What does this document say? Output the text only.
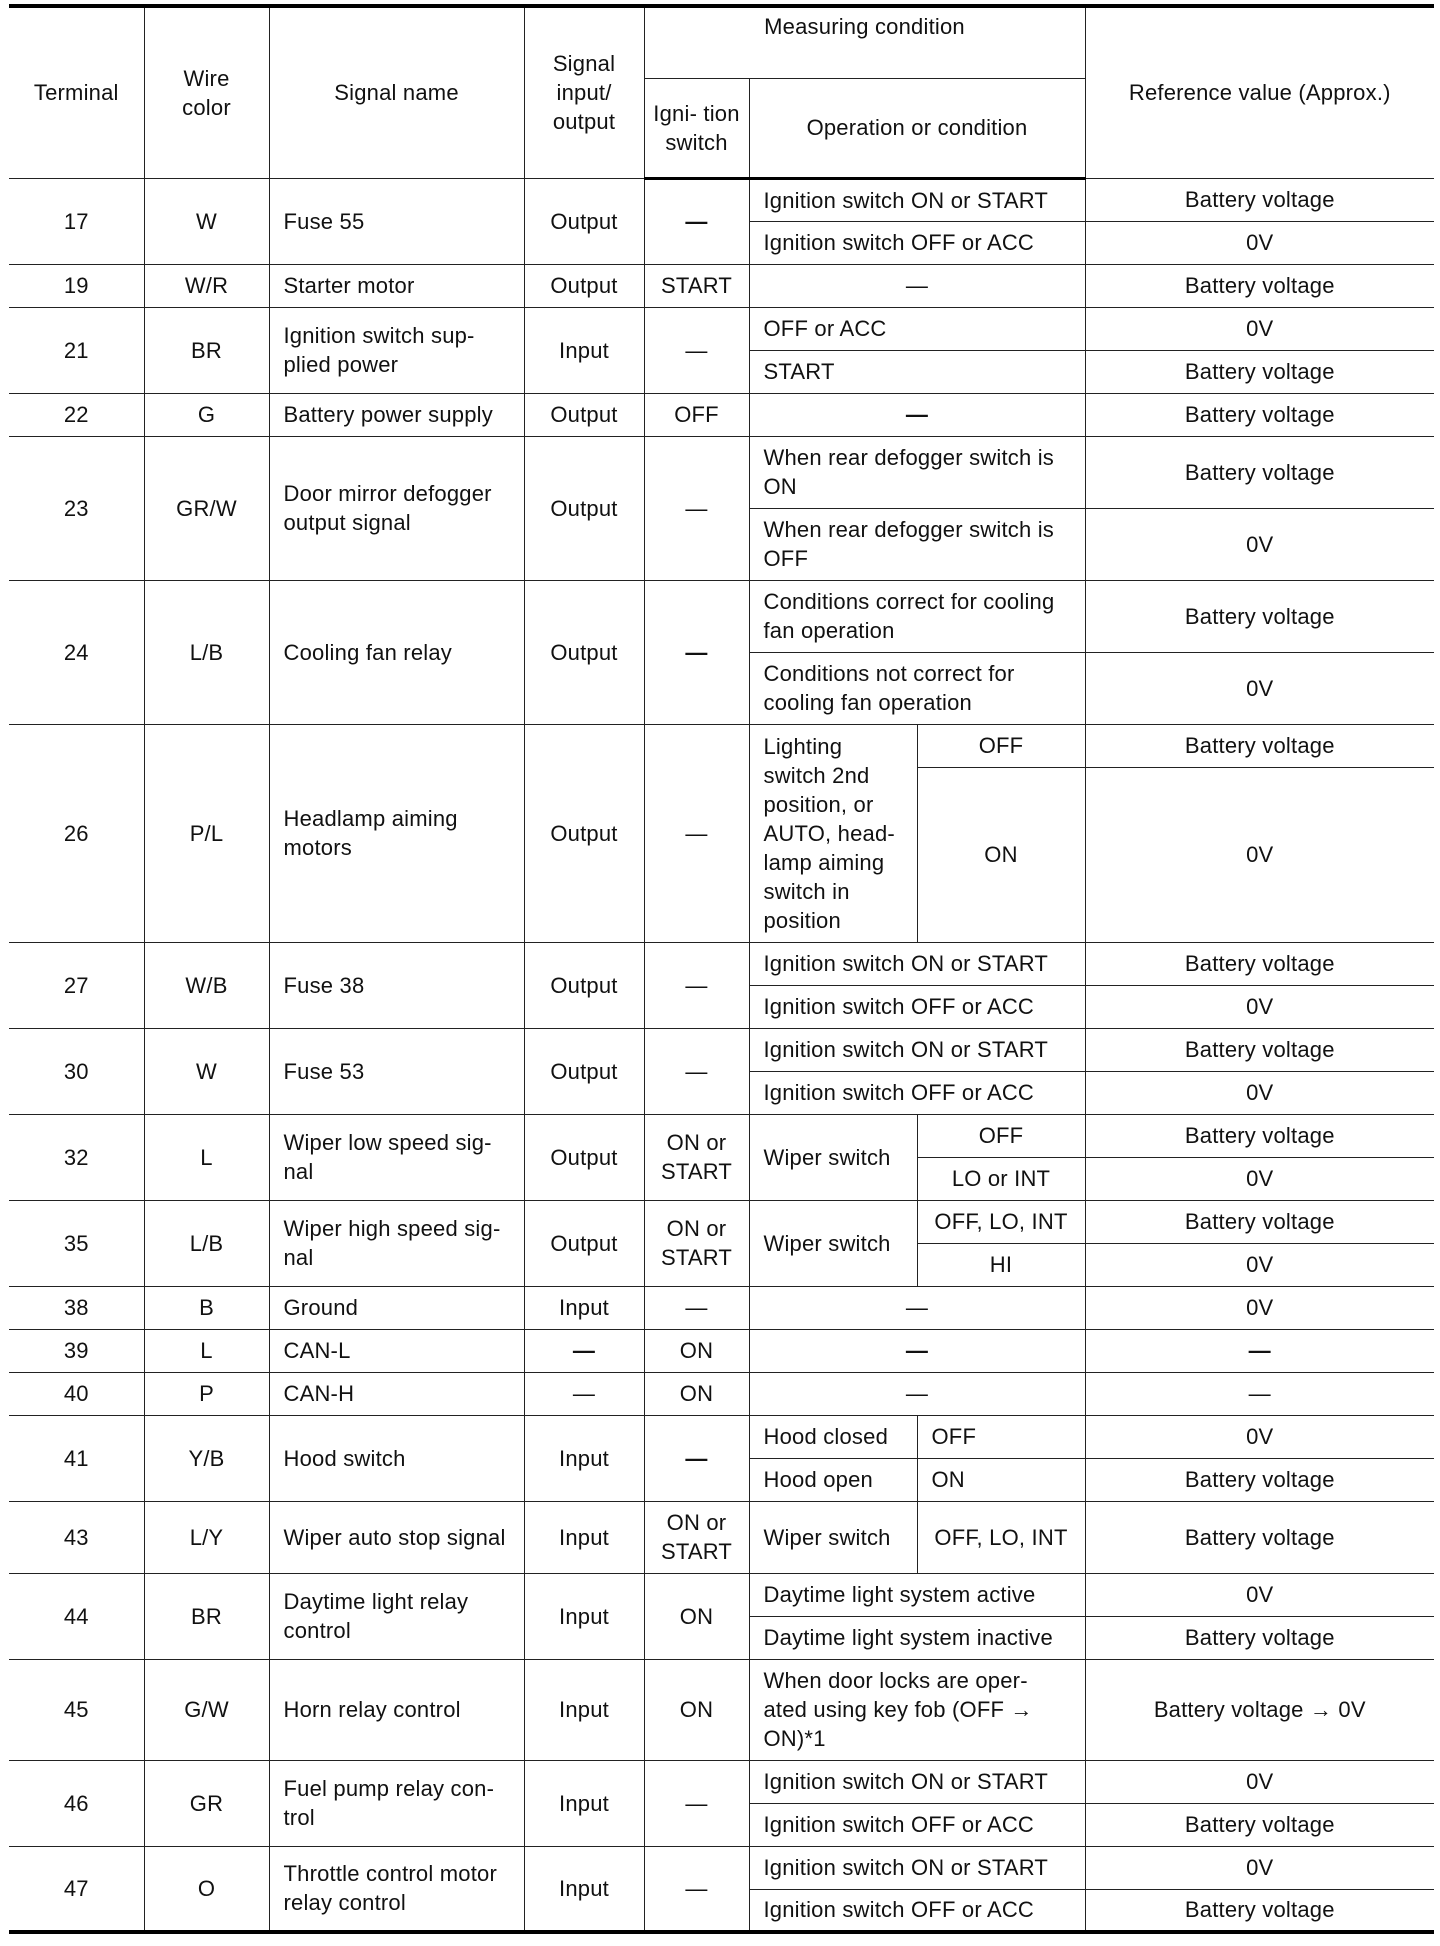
Terminal	Wire color	Signal name	Signal input/ output	Measuring condition			Reference value (Approx.)
				Igni- tion switch	Operation or condition		
17	W	Fuse 55	Output	—	Ignition switch ON or START		Battery voltage
					Ignition switch OFF or ACC		0V
19	W/R	Starter motor	Output	START	—		Battery voltage
21	BR	Ignition switch sup- plied power	Input	—	OFF or ACC		0V
					START		Battery voltage
22	G	Battery power supply	Output	OFF	—		Battery voltage
23	GR/W	Door mirror defogger output signal	Output	—	When rear defogger switch is ON		Battery voltage
					When rear defogger switch is OFF		0V
24	L/B	Cooling fan relay	Output	—	Conditions correct for cooling fan operation		Battery voltage
					Conditions not correct for cooling fan operation		0V
26	P/L	Headlamp aiming motors	Output	—	Lighting switch 2nd position, or AUTO, head- lamp aiming switch in position	OFF	Battery voltage
						ON	0V
27	W/B	Fuse 38	Output	—	Ignition switch ON or START		Battery voltage
					Ignition switch OFF or ACC		0V
30	W	Fuse 53	Output	—	Ignition switch ON or START		Battery voltage
					Ignition switch OFF or ACC		0V
32	L	Wiper low speed sig- nal	Output	ON or START	Wiper switch	OFF	Battery voltage
						LO or INT	0V
35	L/B	Wiper high speed sig- nal	Output	ON or START	Wiper switch	OFF, LO, INT	Battery voltage
						HI	0V
38	B	Ground	Input	—	—		0V
39	L	CAN-L	—	ON	—		—
40	P	CAN-H	—	ON	—		—
41	Y/B	Hood switch	Input	—	Hood closed	OFF	0V
					Hood open	ON	Battery voltage
43	L/Y	Wiper auto stop signal	Input	ON or START	Wiper switch	OFF, LO, INT	Battery voltage
44	BR	Daytime light relay control	Input	ON	Daytime light system active		0V
					Daytime light system inactive		Battery voltage
45	G/W	Horn relay control	Input	ON	When door locks are oper- ated using key fob (OFF → ON)*1		Battery voltage → 0V
46	GR	Fuel pump relay con- trol	Input	—	Ignition switch ON or START		0V
					Ignition switch OFF or ACC		Battery voltage
47	O	Throttle control motor relay control	Input	—	Ignition switch ON or START		0V
					Ignition switch OFF or ACC		Battery voltage
